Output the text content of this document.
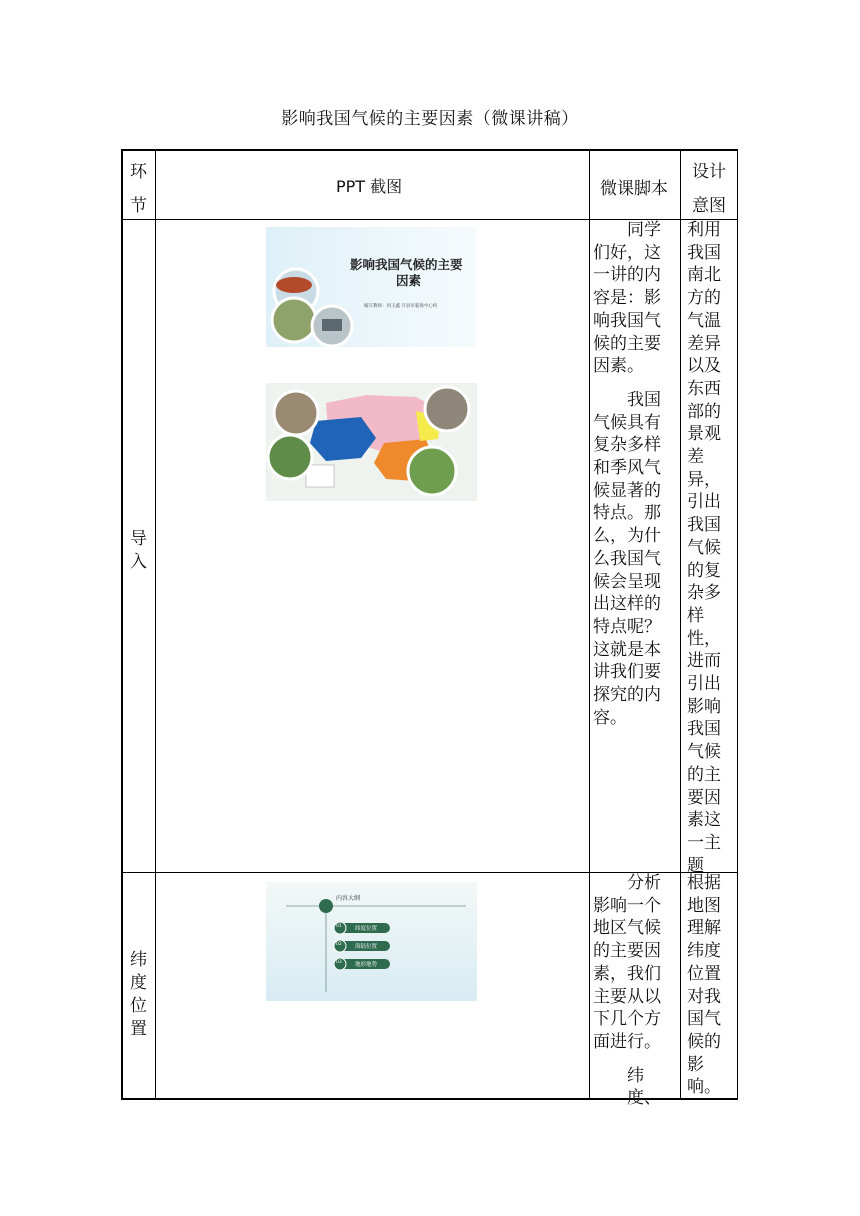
影响我国气候的主要因素（微课讲稿）
环
节
PPT 截图	微课脚本
设计
意图
导
入
影响我国气候的主要
因素
编写教师：何玉鑫 开县市临海中心校
同学
们好，这
一讲的内
容是：影
响我国气
候的主要
因素。
我国
气候具有
复杂多样
和季风气
候显著的
特点。那
么，为什
么我国气
候会呈现
出这样的
特点呢？
这就是本
讲我们要
探究的内
容。
利用
我国
南北
方的
气温
差异
以及
东西
部的
景观
差
异，
引出
我国
气候
的复
杂多
样
性，
进而
引出
影响
我国
气候
的主
要因
素这
一主
题
纬
度
位
置
内容大纲
01
02
03
纬度位置
海陆位置
地形地势
分析
影响一个
地区气候
的主要因
素，我们
主要从以
下几个方
面进行。
纬度、
根据
地图
理解
纬度
位置
对我
国气
候的
影
响。
